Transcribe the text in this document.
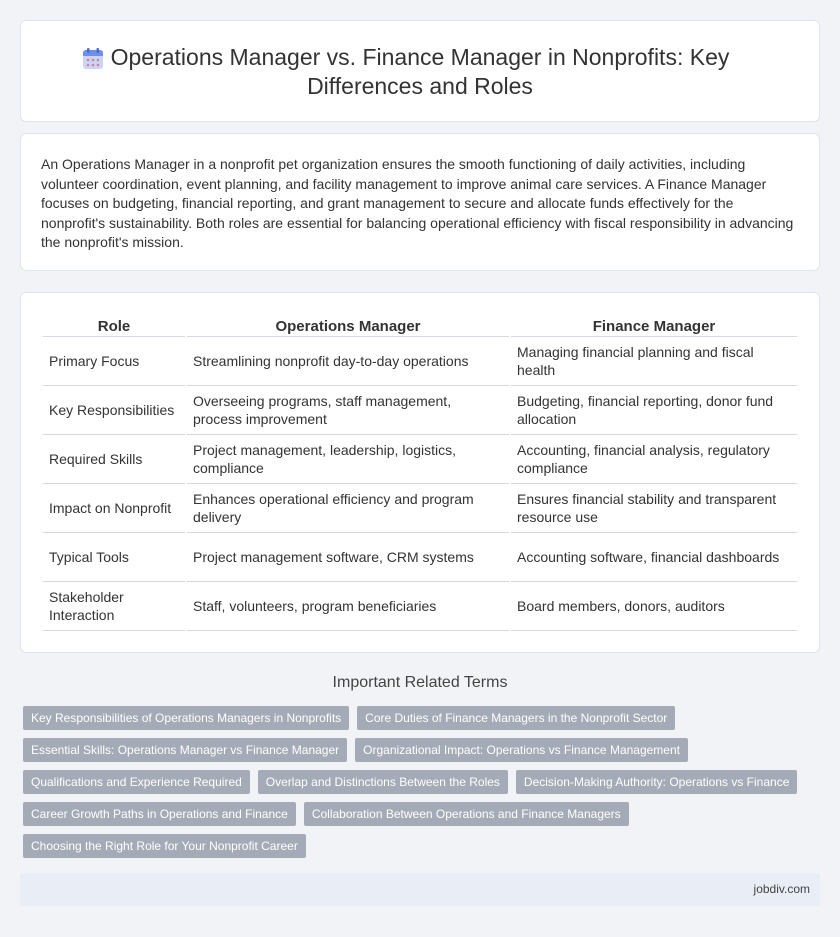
Operations Manager vs. Finance Manager in Nonprofits: Key Differences and Roles

An Operations Manager in a nonprofit pet organization ensures the smooth functioning of daily activities, including volunteer coordination, event planning, and facility management to improve animal care services. A Finance Manager focuses on budgeting, financial reporting, and grant management to secure and allocate funds effectively for the nonprofit's sustainability. Both roles are essential for balancing operational efficiency with fiscal responsibility in advancing the nonprofit's mission.

Role	Operations Manager	Finance Manager
Primary Focus	Streamlining nonprofit day-to-day operations	Managing financial planning and fiscal health
Key Responsibilities	Overseeing programs, staff management, process improvement	Budgeting, financial reporting, donor fund allocation
Required Skills	Project management, leadership, logistics, compliance	Accounting, financial analysis, regulatory compliance
Impact on Nonprofit	Enhances operational efficiency and program delivery	Ensures financial stability and transparent resource use
Typical Tools	Project management software, CRM systems	Accounting software, financial dashboards
Stakeholder Interaction	Staff, volunteers, program beneficiaries	Board members, donors, auditors
Important Related Terms
Key Responsibilities of Operations Managers in Nonprofits	Core Duties of Finance Managers in the Nonprofit Sector
Essential Skills: Operations Manager vs Finance Manager	Organizational Impact: Operations vs Finance Management
Qualifications and Experience Required	Overlap and Distinctions Between the Roles	Decision-Making Authority: Operations vs Finance
Career Growth Paths in Operations and Finance	Collaboration Between Operations and Finance Managers
Choosing the Right Role for Your Nonprofit Career
jobdiv.com
